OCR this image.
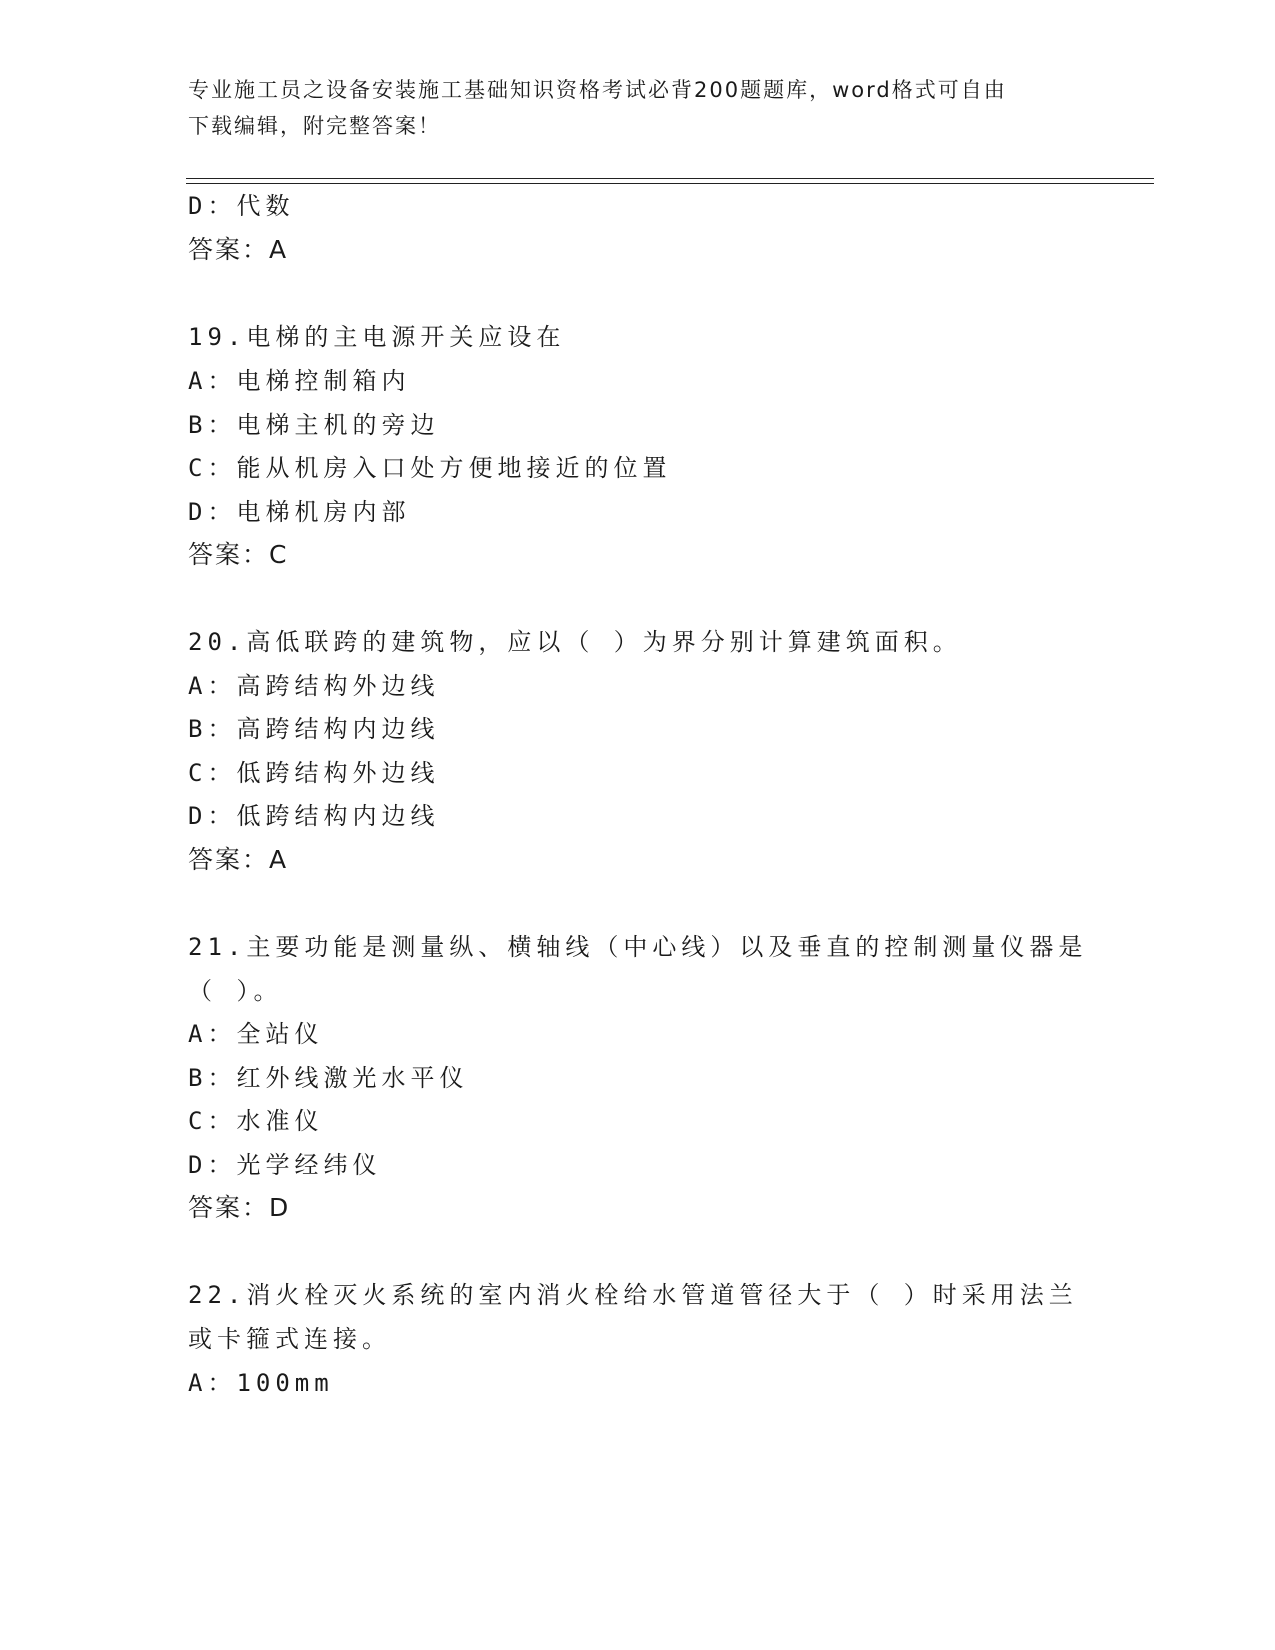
专业施工员之设备安装施工基础知识资格考试必背200题题库，word格式可自由
下载编辑，附完整答案！
D：代数
答案：A
19.电梯的主电源开关应设在
A：电梯控制箱内
B：电梯主机的旁边
C：能从机房入口处方便地接近的位置
D：电梯机房内部
答案：C
20.高低联跨的建筑物，应以（ ）为界分别计算建筑面积。
A：高跨结构外边线
B：高跨结构内边线
C：低跨结构外边线
D：低跨结构内边线
答案：A
21.主要功能是测量纵、横轴线（中心线）以及垂直的控制测量仪器是
（ ）。
A：全站仪
B：红外线激光水平仪
C：水准仪
D：光学经纬仪
答案：D
22.消火栓灭火系统的室内消火栓给水管道管径大于（ ）时采用法兰
或卡箍式连接。
A：100mm
